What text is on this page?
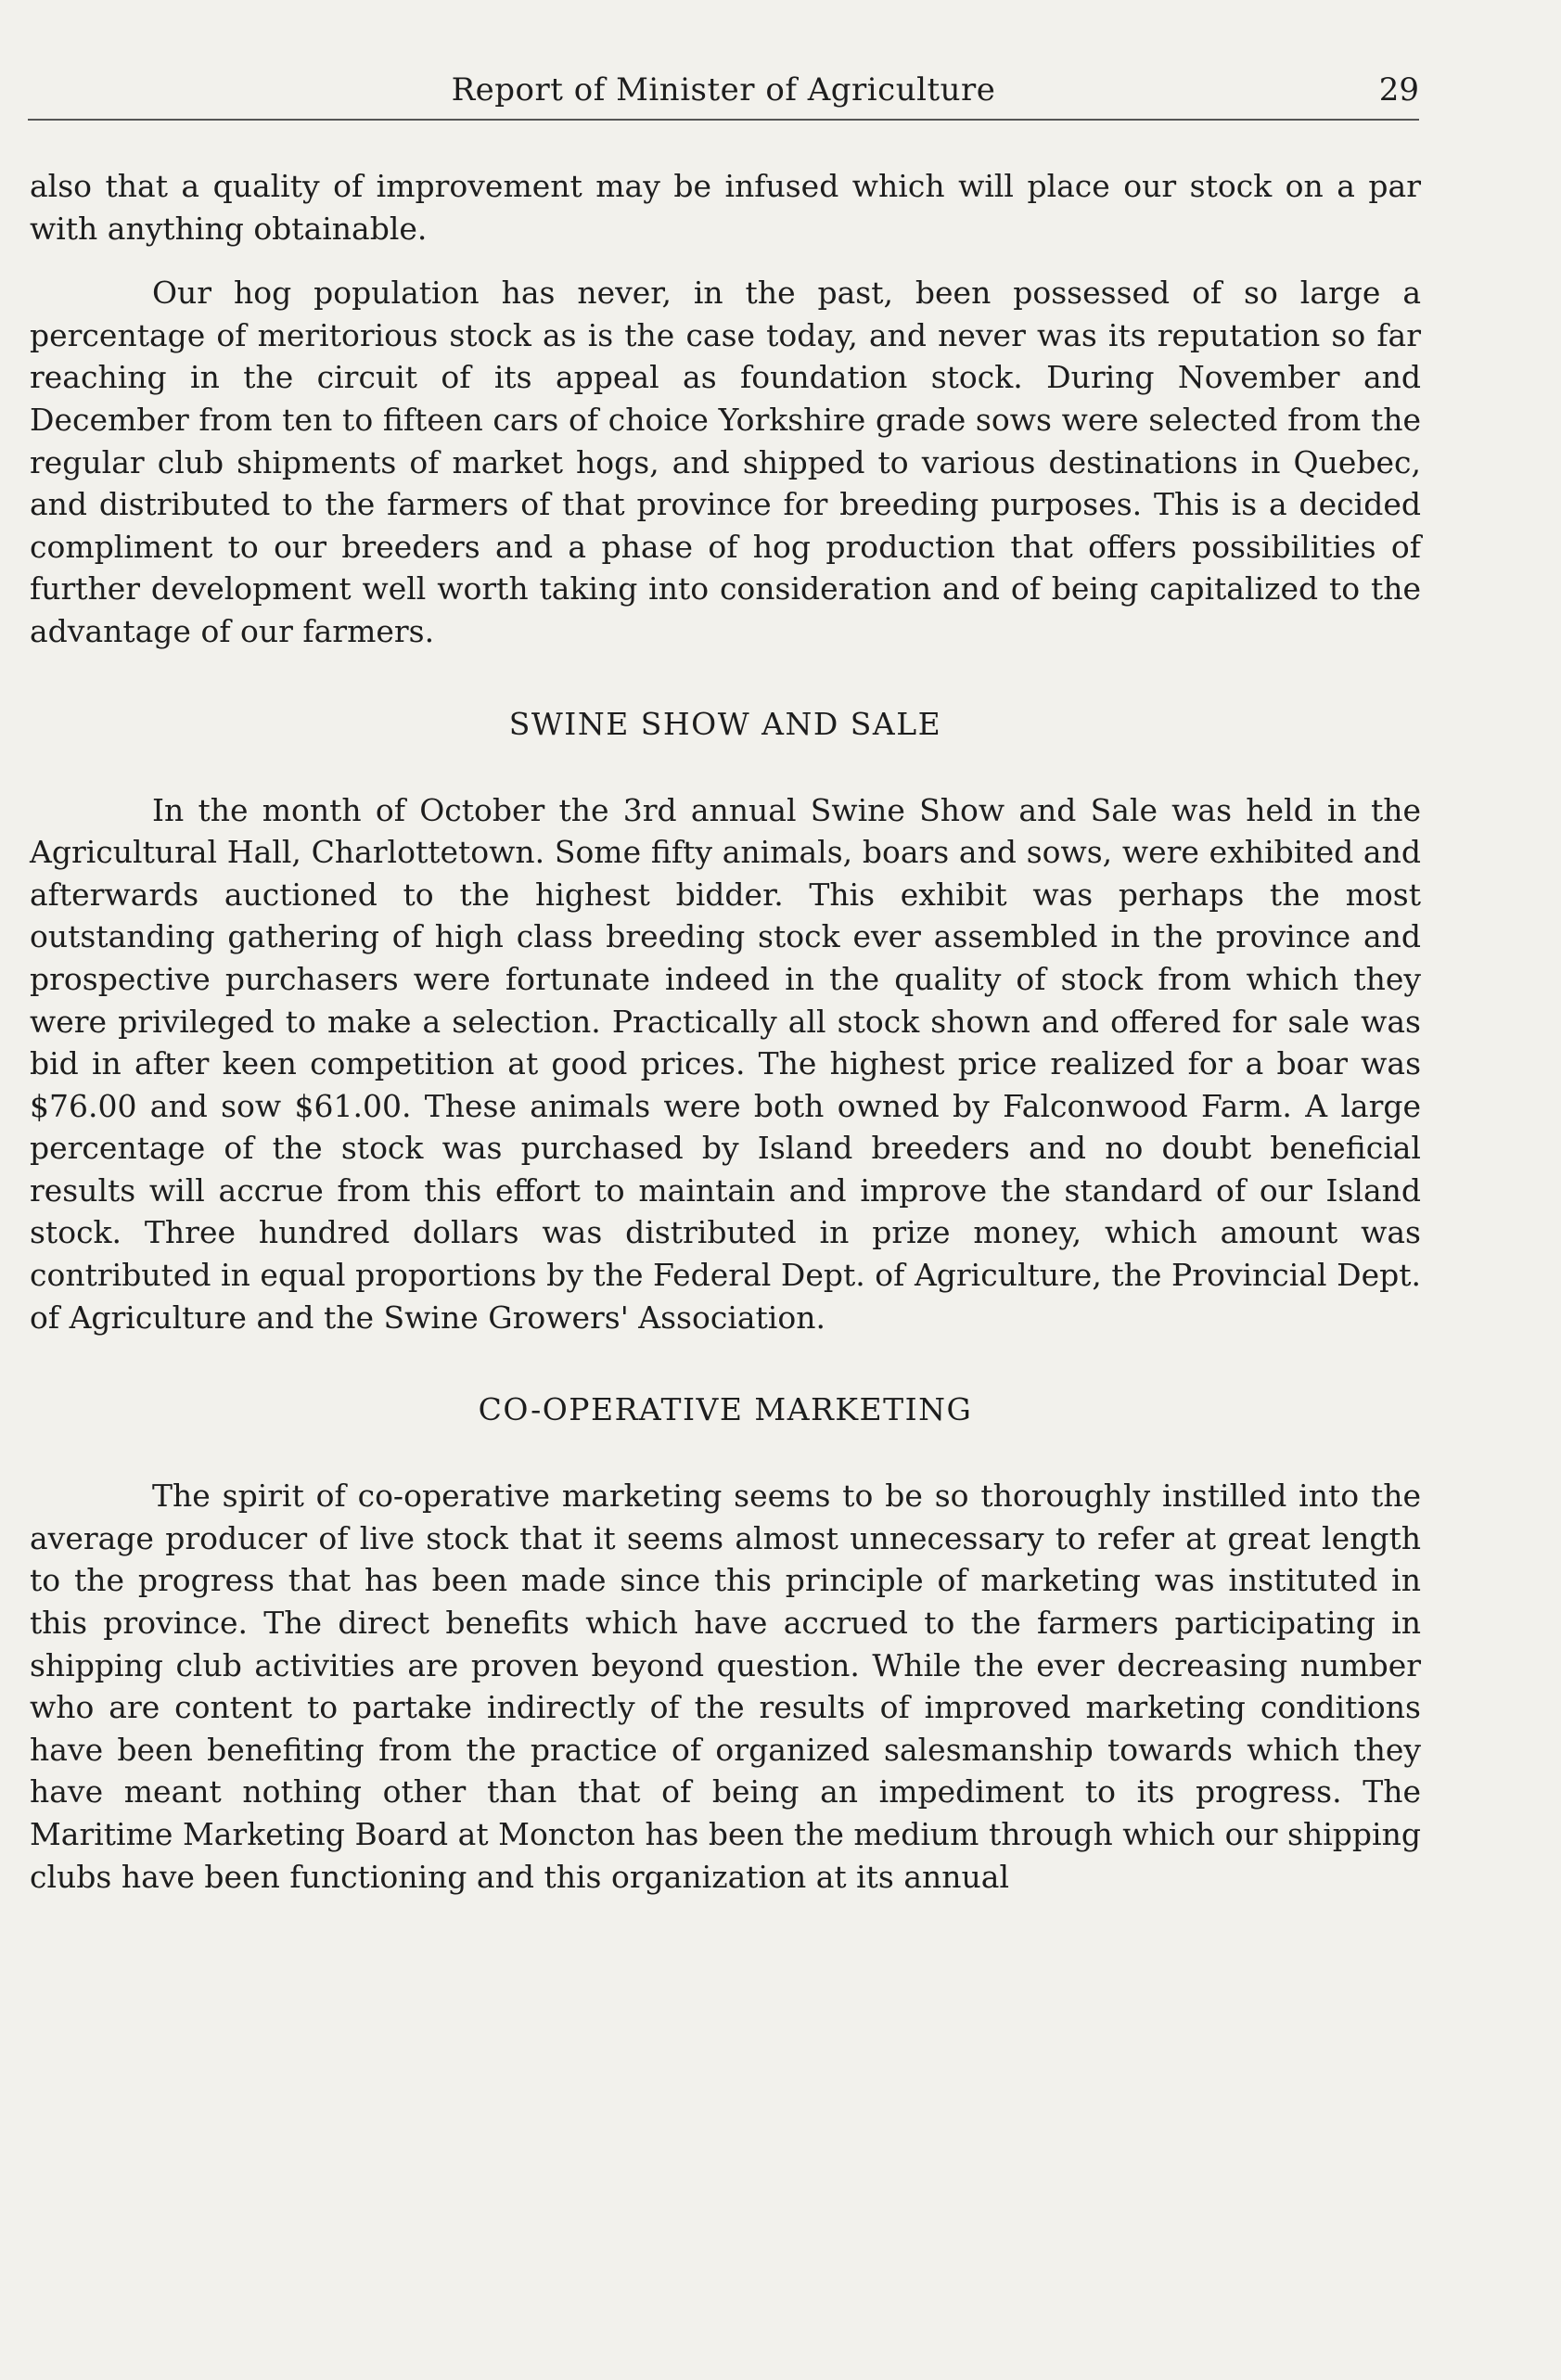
Report of Minister of Agriculture	29

also that a quality of improvement may be infused which will place our stock on a par with anything obtainable.

Our hog population has never, in the past, been possessed of so large a percentage of meritorious stock as is the case today, and never was its reputation so far reaching in the circuit of its appeal as foundation stock. During November and December from ten to fifteen cars of choice Yorkshire grade sows were selected from the regular club shipments of market hogs, and shipped to various destinations in Quebec, and distributed to the farmers of that province for breeding purposes. This is a decided compliment to our breeders and a phase of hog production that offers possibilities of further development well worth taking into consideration and of being capitalized to the advantage of our farmers.

SWINE SHOW AND SALE

In the month of October the 3rd annual Swine Show and Sale was held in the Agricultural Hall, Charlottetown. Some fifty animals, boars and sows, were exhibited and afterwards auctioned to the highest bidder. This exhibit was perhaps the most outstanding gathering of high class breeding stock ever assembled in the province and prospective purchasers were fortunate indeed in the quality of stock from which they were privileged to make a selection. Practically all stock shown and offered for sale was bid in after keen competition at good prices. The highest price realized for a boar was $76.00 and sow $61.00. These animals were both owned by Falconwood Farm. A large percentage of the stock was purchased by Island breeders and no doubt beneficial results will accrue from this effort to maintain and improve the standard of our Island stock. Three hundred dollars was distributed in prize money, which amount was contributed in equal proportions by the Federal Dept. of Agriculture, the Provincial Dept. of Agriculture and the Swine Growers' Association.

CO-OPERATIVE MARKETING

The spirit of co-operative marketing seems to be so thoroughly instilled into the average producer of live stock that it seems almost unnecessary to refer at great length to the progress that has been made since this principle of marketing was instituted in this province. The direct benefits which have accrued to the farmers participating in shipping club activities are proven beyond question. While the ever decreasing number who are content to partake indirectly of the results of improved marketing conditions have been benefiting from the practice of organized salesmanship towards which they have meant nothing other than that of being an impediment to its progress. The Maritime Marketing Board at Moncton has been the medium through which our shipping clubs have been functioning and this organization at its annual
